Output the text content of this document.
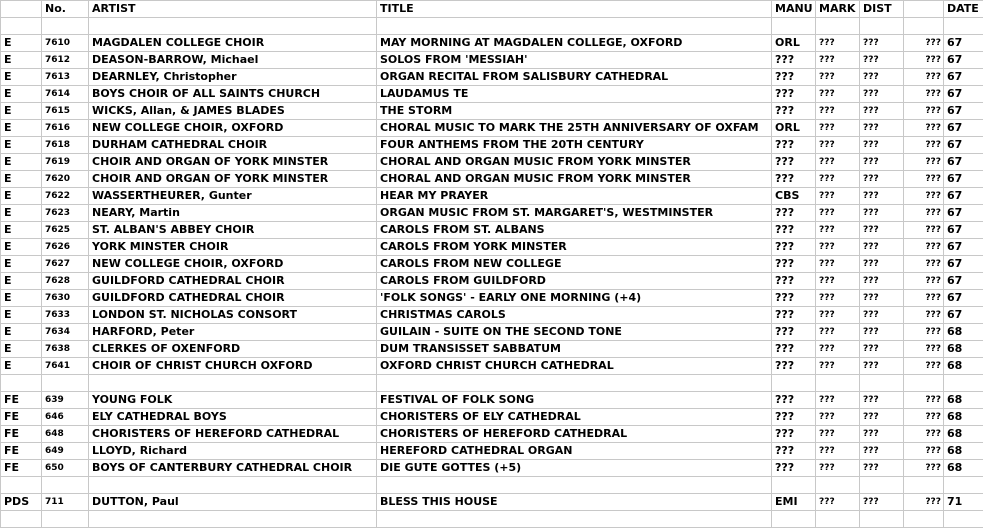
	No.	ARTIST	TITLE	MANU	MARK	DIST		DATE

E	7610	MAGDALEN COLLEGE CHOIR	MAY MORNING AT MAGDALEN COLLEGE, OXFORD	ORL	???	???	???	67
E	7612	DEASON-BARROW, Michael	SOLOS FROM 'MESSIAH'	???	???	???	???	67
E	7613	DEARNLEY, Christopher	ORGAN RECITAL FROM SALISBURY CATHEDRAL	???	???	???	???	67
E	7614	BOYS CHOIR OF ALL SAINTS CHURCH	LAUDAMUS TE	???	???	???	???	67
E	7615	WICKS, Allan, & JAMES BLADES	THE STORM	???	???	???	???	67
E	7616	NEW COLLEGE CHOIR, OXFORD	CHORAL MUSIC TO MARK THE 25TH ANNIVERSARY OF OXFAM	ORL	???	???	???	67
E	7618	DURHAM CATHEDRAL CHOIR	FOUR ANTHEMS FROM THE 20TH CENTURY	???	???	???	???	67
E	7619	CHOIR AND ORGAN OF YORK MINSTER	CHORAL AND ORGAN MUSIC FROM YORK MINSTER	???	???	???	???	67
E	7620	CHOIR AND ORGAN OF YORK MINSTER	CHORAL AND ORGAN MUSIC FROM YORK MINSTER	???	???	???	???	67
E	7622	WASSERTHEURER, Gunter	HEAR MY PRAYER	CBS	???	???	???	67
E	7623	NEARY, Martin	ORGAN MUSIC FROM ST. MARGARET'S, WESTMINSTER	???	???	???	???	67
E	7625	ST. ALBAN'S ABBEY CHOIR	CAROLS FROM ST. ALBANS	???	???	???	???	67
E	7626	YORK MINSTER CHOIR	CAROLS FROM YORK MINSTER	???	???	???	???	67
E	7627	NEW COLLEGE CHOIR, OXFORD	CAROLS FROM NEW COLLEGE	???	???	???	???	67
E	7628	GUILDFORD CATHEDRAL CHOIR	CAROLS FROM GUILDFORD	???	???	???	???	67
E	7630	GUILDFORD CATHEDRAL CHOIR	'FOLK SONGS' - EARLY ONE MORNING (+4)	???	???	???	???	67
E	7633	LONDON ST. NICHOLAS CONSORT	CHRISTMAS CAROLS	???	???	???	???	67
E	7634	HARFORD, Peter	GUILAIN - SUITE ON THE SECOND TONE	???	???	???	???	68
E	7638	CLERKES OF OXENFORD	DUM TRANSISSET SABBATUM	???	???	???	???	68
E	7641	CHOIR OF CHRIST CHURCH OXFORD	OXFORD CHRIST CHURCH CATHEDRAL	???	???	???	???	68

FE	639	YOUNG FOLK	FESTIVAL OF FOLK SONG	???	???	???	???	68
FE	646	ELY CATHEDRAL BOYS	CHORISTERS OF ELY CATHEDRAL	???	???	???	???	68
FE	648	CHORISTERS OF HEREFORD CATHEDRAL	CHORISTERS OF HEREFORD CATHEDRAL	???	???	???	???	68
FE	649	LLOYD, Richard	HEREFORD CATHEDRAL ORGAN	???	???	???	???	68
FE	650	BOYS OF CANTERBURY CATHEDRAL CHOIR	DIE GUTE GOTTES (+5)	???	???	???	???	68

PDS	711	DUTTON, Paul	BLESS THIS HOUSE	EMI	???	???	???	71
